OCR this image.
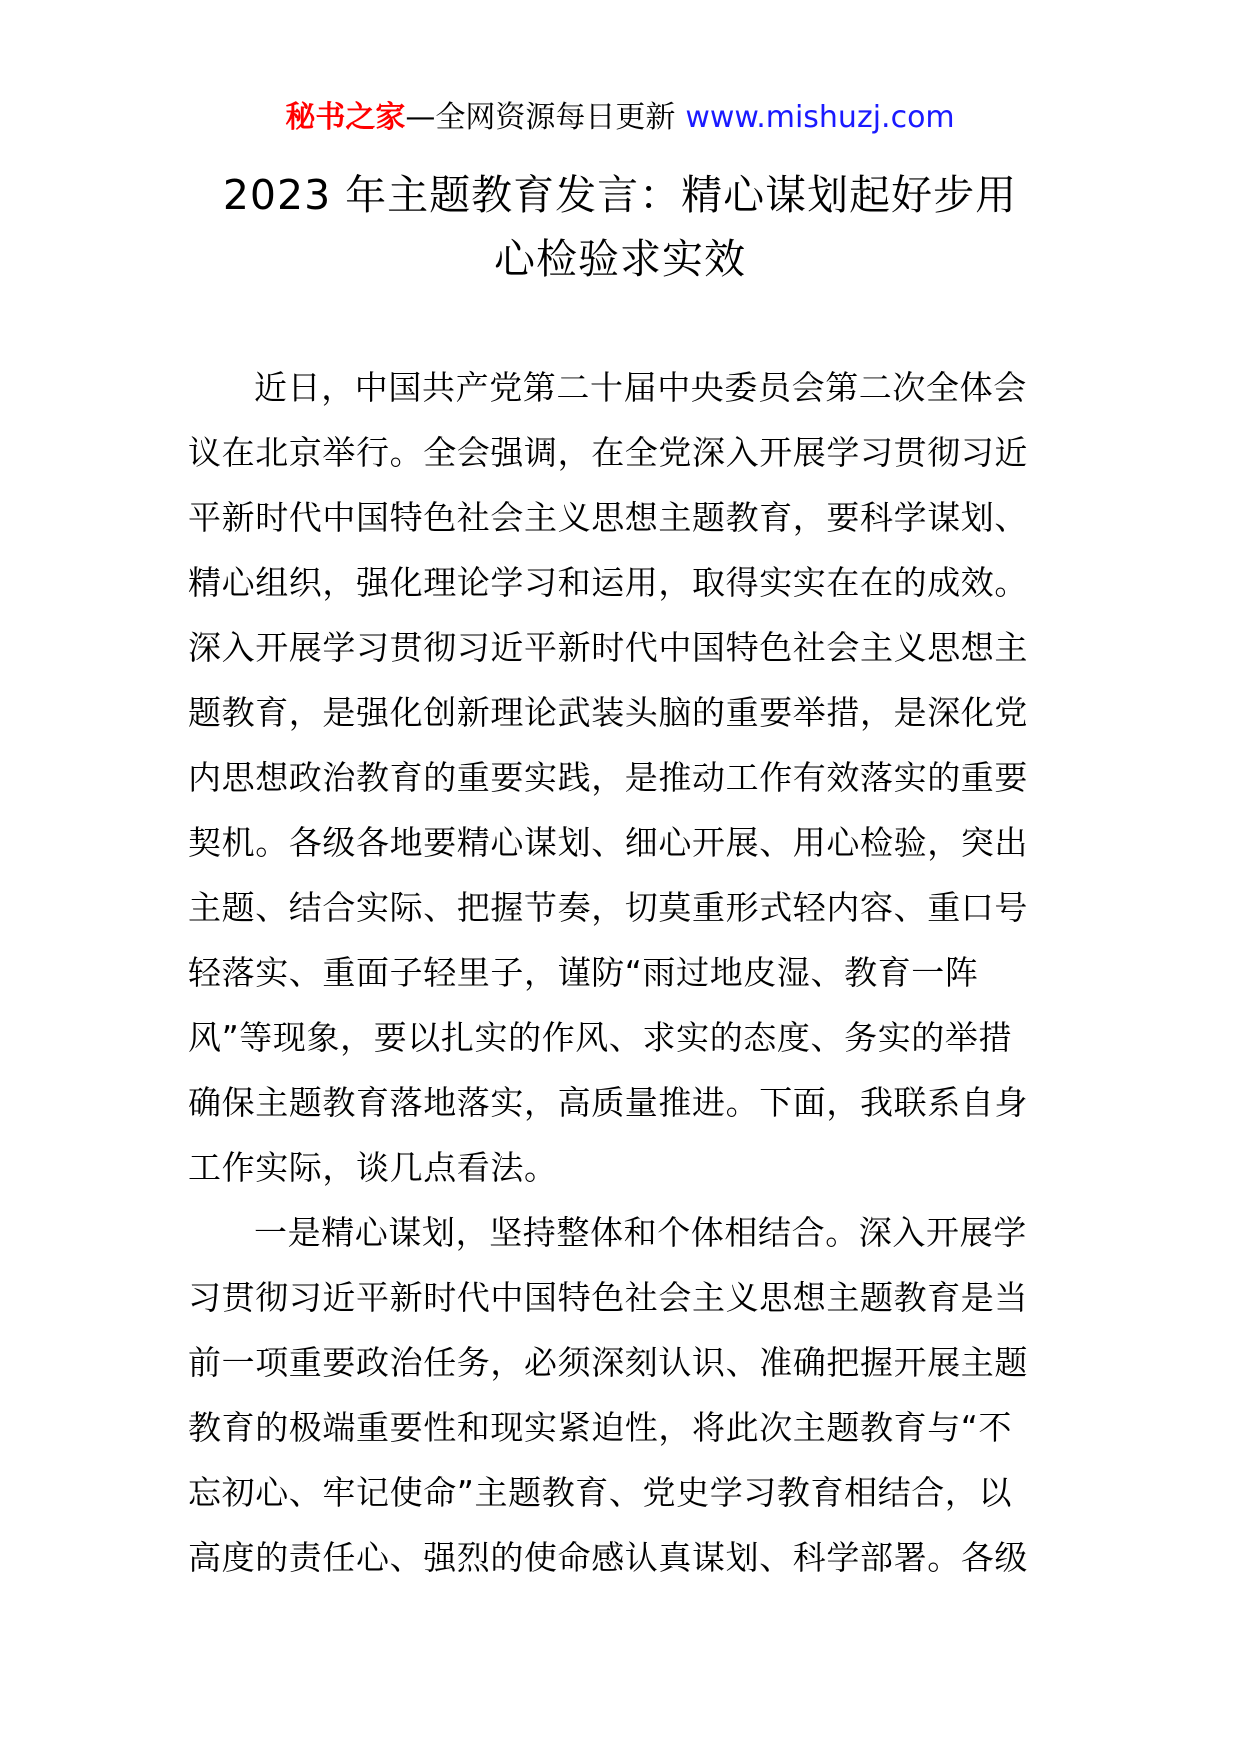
秘书之家—全网资源每日更新 www.mishuzj.com
2023 年主题教育发言：精心谋划起好步用
心检验求实效
近日，中国共产党第二十届中央委员会第二次全体会
议在北京举行。全会强调，在全党深入开展学习贯彻习近
平新时代中国特色社会主义思想主题教育，要科学谋划、
精心组织，强化理论学习和运用，取得实实在在的成效。
深入开展学习贯彻习近平新时代中国特色社会主义思想主
题教育，是强化创新理论武装头脑的重要举措，是深化党
内思想政治教育的重要实践，是推动工作有效落实的重要
契机。各级各地要精心谋划、细心开展、用心检验，突出
主题、结合实际、把握节奏，切莫重形式轻内容、重口号
轻落实、重面子轻里子，谨防“雨过地皮湿、教育一阵
风”等现象，要以扎实的作风、求实的态度、务实的举措
确保主题教育落地落实，高质量推进。下面，我联系自身
工作实际，谈几点看法。
一是精心谋划，坚持整体和个体相结合。深入开展学
习贯彻习近平新时代中国特色社会主义思想主题教育是当
前一项重要政治任务，必须深刻认识、准确把握开展主题
教育的极端重要性和现实紧迫性，将此次主题教育与“不
忘初心、牢记使命”主题教育、党史学习教育相结合，以
高度的责任心、强烈的使命感认真谋划、科学部署。各级
